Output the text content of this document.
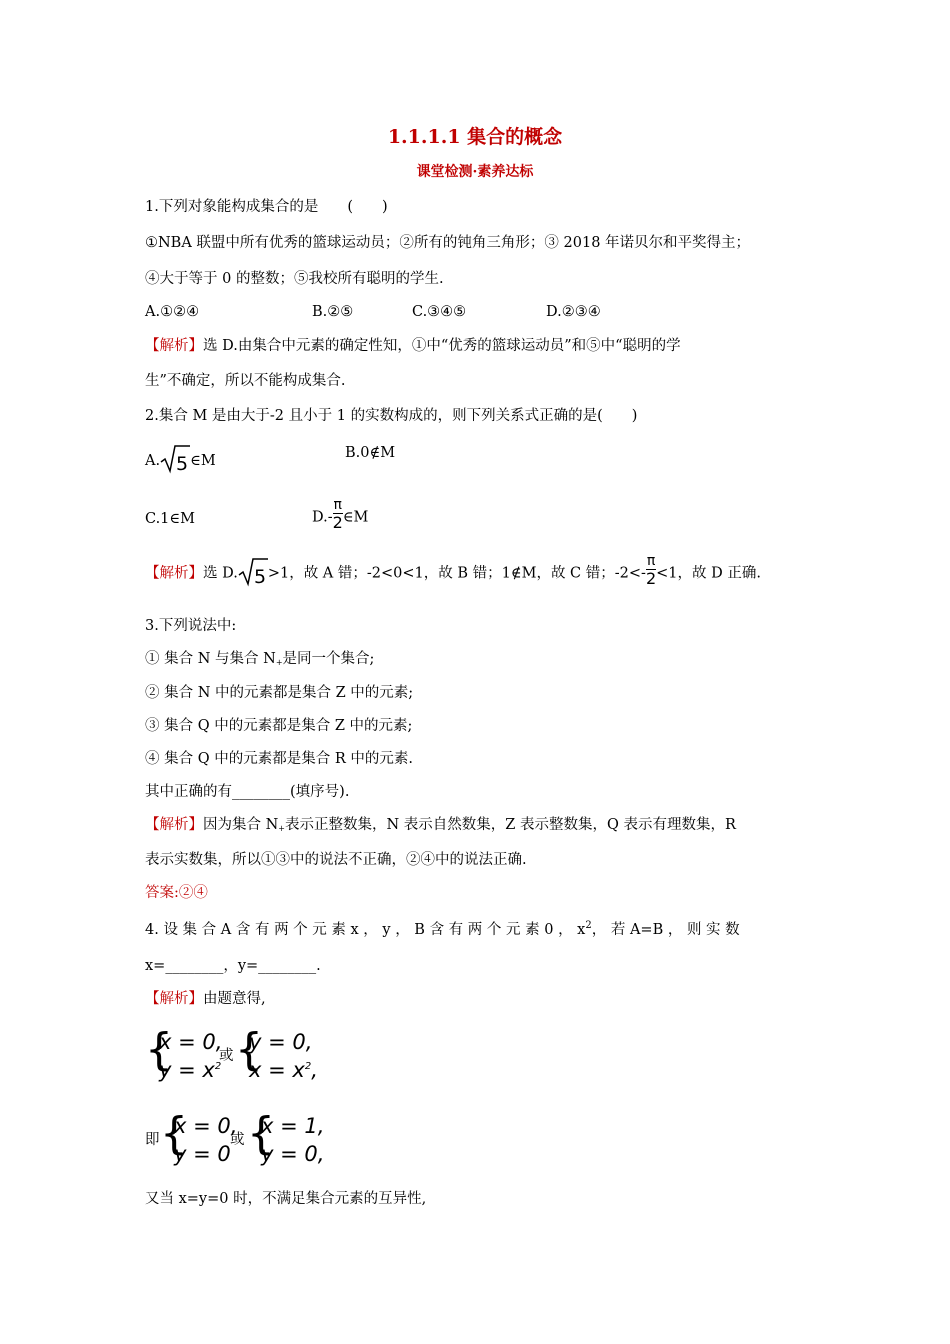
1.1.1.1 集合的概念
课堂检测·素养达标
1.下列对象能构成集合的是　　(　　)
①NBA 联盟中所有优秀的篮球运动员；②所有的钝角三角形；③ 2018 年诺贝尔和平奖得主；
④大于等于 0 的整数；⑤我校所有聪明的学生.
A.①②④	B.②⑤	C.③④⑤	D.②③④
【解析】选 D.由集合中元素的确定性知，①中“优秀的篮球运动员”和⑤中“聪明的学
生”不确定，所以不能构成集合.
2.集合 M 是由大于-2 且小于 1 的实数构成的，则下列关系式正确的是(　　)
A. 5 ∈M	B.0∉M
C.1∈M	$D.- \frac{\pi}{2}$ ∈M
【解析】选 D. 5 >1，故 A 错；-2<0<1，故 B 错；1∉M，故 C 错；$-2<- \frac{\pi}{2} <1$，故 D 正确.
3.下列说法中:
① 集合 N 与集合 $N_+$是同一个集合;
② 集合 N 中的元素都是集合 Z 中的元素;
③ 集合 Q 中的元素都是集合 Z 中的元素;
④ 集合 Q 中的元素都是集合 R 中的元素.
其中正确的有________(填序号).
【解析】因为集合 $N_+$表示正整数集，N 表示自然数集，Z 表示整数集，Q 表示有理数集，R
表示实数集，所以①③中的说法不正确，②④中的说法正确.
答案:②④
4. 设 集 合 A 含 有 两 个 元 素 x ， y ， B 含 有 两 个 元 素 0 ， $x^2$， 若 A=B ， 则 实 数
x=________，y=________.
【解析】由题意得,
{
x = 0,
$y = x^2$
或 {
y = 0,
$x = x^2$,
即 {
x = 0,
y = 0
或 {
x = 1,
y = 0,
又当 x=y=0 时，不满足集合元素的互异性,
